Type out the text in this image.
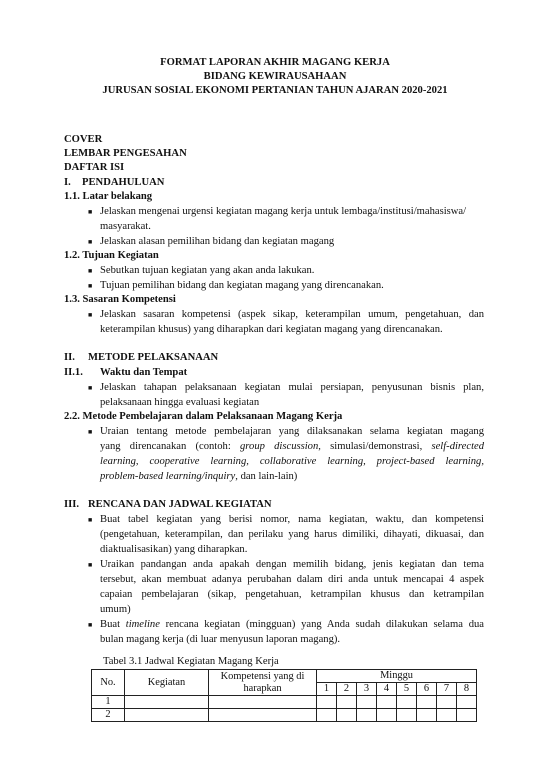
FORMAT LAPORAN AKHIR MAGANG KERJA
BIDANG KEWIRAUSAHAAN
JURUSAN SOSIAL EKONOMI PERTANIAN TAHUN AJARAN 2020-2021
COVER
LEMBAR PENGESAHAN
DAFTAR ISI
I. PENDAHULUAN
1.1. Latar belakang
■ Jelaskan mengenai urgensi kegiatan magang kerja untuk lembaga/institusi/mahasiswa/
masyarakat.
■ Jelaskan alasan pemilihan bidang dan kegiatan magang
1.2. Tujuan Kegiatan
■ Sebutkan tujuan kegiatan yang akan anda lakukan.
■ Tujuan pemilihan bidang dan kegiatan magang yang direncanakan.
1.3. Sasaran Kompetensi
■ Jelaskan sasaran kompetensi (aspek sikap, keterampilan umum, pengetahuan, dan
keterampilan khusus) yang diharapkan dari kegiatan magang yang direncanakan.
II. METODE PELAKSANAAN
II.1. Waktu dan Tempat
■ Jelaskan tahapan pelaksanaan kegiatan mulai persiapan, penyusunan bisnis plan,
pelaksanaan hingga evaluasi kegiatan
2.2. Metode Pembelajaran dalam Pelaksanaan Magang Kerja
■ Uraian tentang metode pembelajaran yang dilaksanakan selama kegiatan magang
yang direncanakan (contoh: group discussion, simulasi/demonstrasi, self-directed
learning, cooperative learning, collaborative learning, project-based learning,
problem-based learning/inquiry, dan lain-lain)
III. RENCANA DAN JADWAL KEGIATAN
■ Buat tabel kegiatan yang berisi nomor, nama kegiatan, waktu, dan kompetensi
(pengetahuan, keterampilan, dan perilaku yang harus dimiliki, dihayati, dikuasai, dan
diaktualisasikan) yang diharapkan.
■ Uraikan pandangan anda apakah dengan memilih bidang, jenis kegiatan dan tema
tersebut, akan membuat adanya perubahan dalam diri anda untuk mencapai 4 aspek
capaian pembelajaran (sikap, pengetahuan, ketrampilan khusus dan ketrampilan
umum)
■ Buat timeline rencana kegiatan (mingguan) yang Anda sudah dilakukan selama dua
bulan magang kerja (di luar menyusun laporan magang).
Tabel 3.1 Jadwal Kegiatan Magang Kerja
No.	Kegiatan	Kompetensi yang di
harapkan	Minggu							
			1	2	3	4	5	6	7	8
1										
2										
